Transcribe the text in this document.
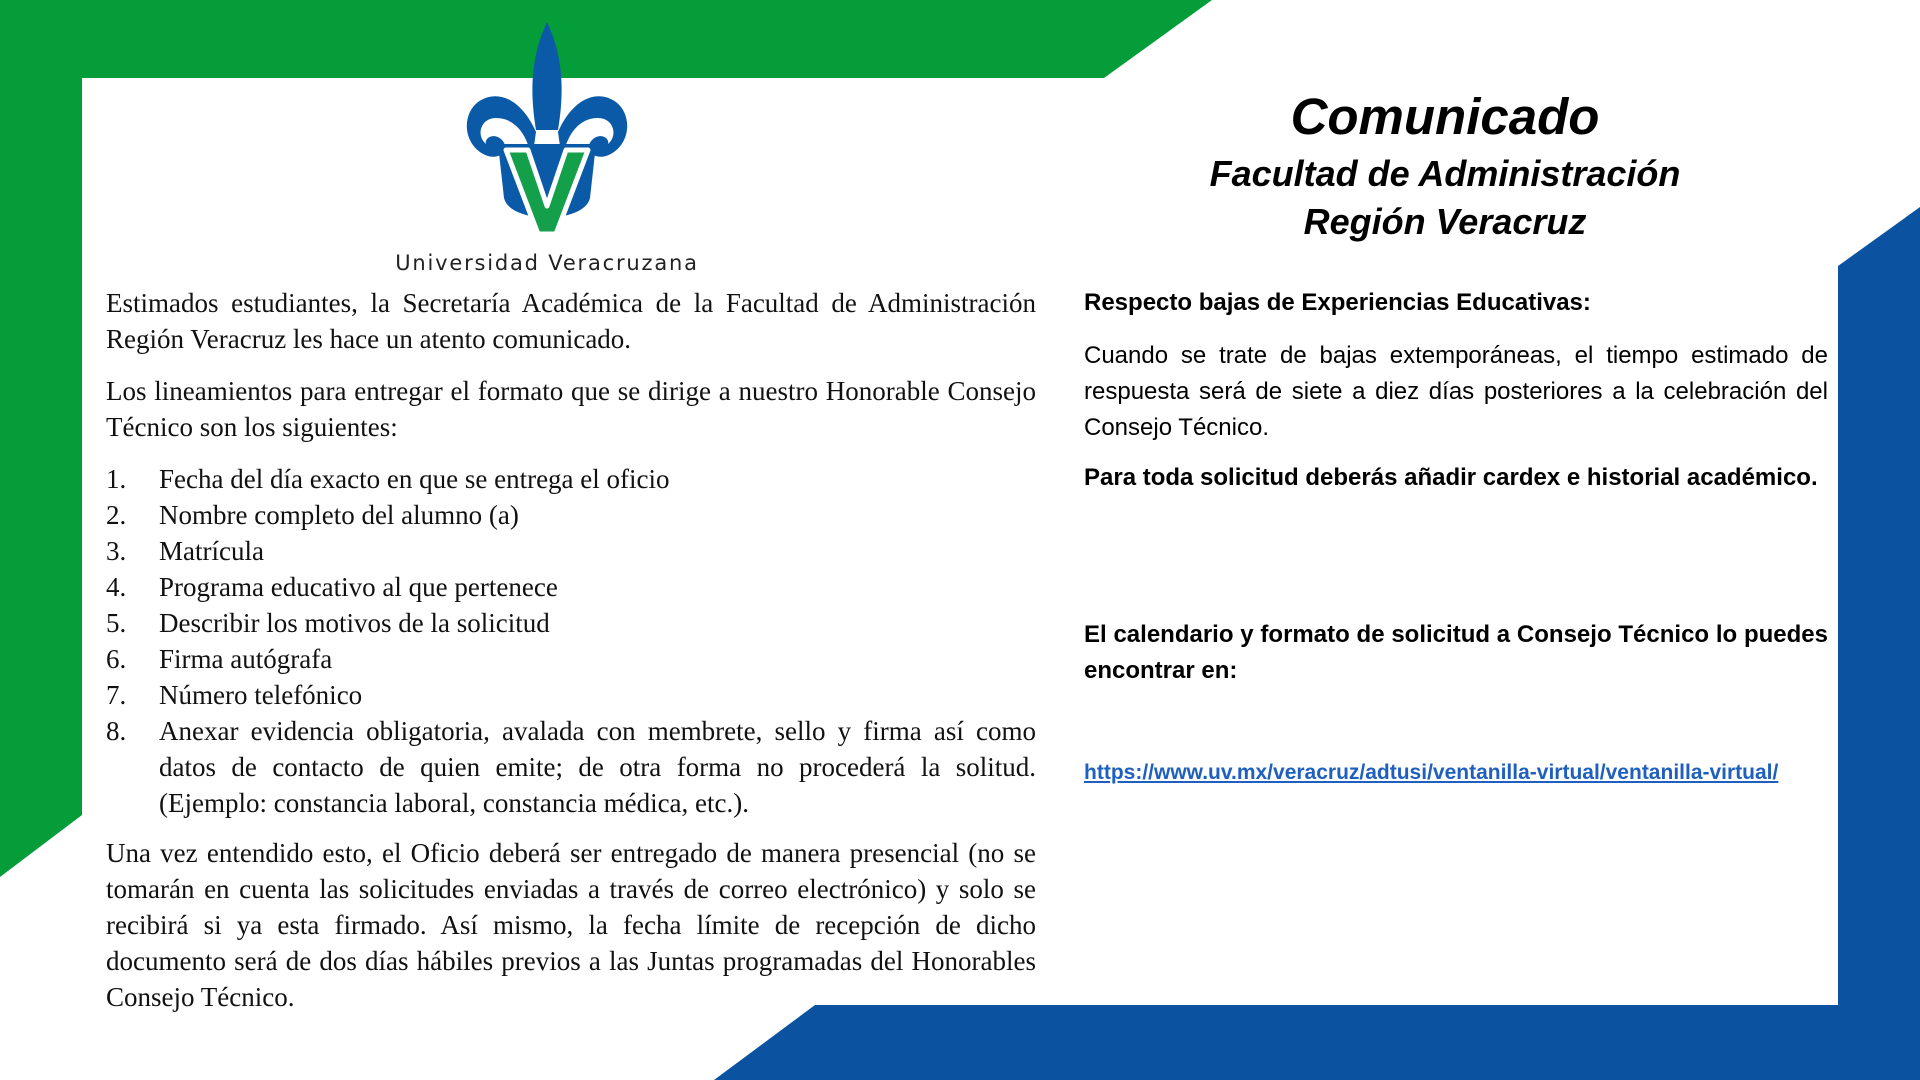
Universidad Veracruzana
Comunicado
Facultad de Administración
Región Veracruz

Estimados estudiantes, la Secretaría Académica de la Facultad de Administración Región Veracruz les hace un atento comunicado.

Los lineamientos para entregar el formato que se dirige a nuestro Honorable Consejo Técnico son los siguientes:

1. Fecha del día exacto en que se entrega el oficio
2. Nombre completo del alumno (a)
3. Matrícula
4. Programa educativo al que pertenece
5. Describir los motivos de la solicitud
6. Firma autógrafa
7. Número telefónico
8. Anexar evidencia obligatoria, avalada con membrete, sello y firma así como datos de contacto de quien emite; de otra forma no procederá la solitud. (Ejemplo: constancia laboral, constancia médica, etc.).

Una vez entendido esto, el Oficio deberá ser entregado de manera presencial (no se tomarán en cuenta las solicitudes enviadas a través de correo electrónico) y solo se recibirá si ya esta firmado. Así mismo, la fecha límite de recepción de dicho documento será de dos días hábiles previos a las Juntas programadas del Honorables Consejo Técnico.

Respecto bajas de Experiencias Educativas:
Cuando se trate de bajas extemporáneas, el tiempo estimado de respuesta será de siete a diez días posteriores a la celebración del Consejo Técnico.
Para toda solicitud deberás añadir cardex e historial académico.
El calendario y formato de solicitud a Consejo Técnico lo puedes encontrar en:
https://www.uv.mx/veracruz/adtusi/ventanilla-virtual/ventanilla-virtual/
